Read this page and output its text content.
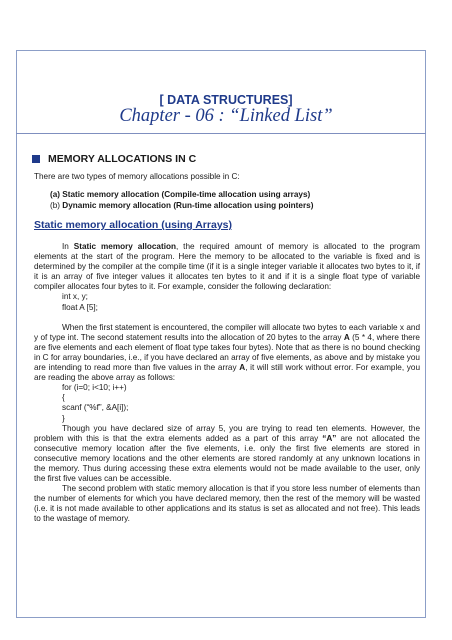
[ DATA STRUCTURES]
Chapter - 06 : “Linked List”
MEMORY ALLOCATIONS IN C

There are two types of memory allocations possible in C:

(a) Static memory allocation (Compile-time allocation using arrays)
(b) Dynamic memory allocation (Run-time allocation using pointers)
Static memory allocation (using Arrays)

In Static memory allocation, the required amount of memory is allocated to the program elements at the start of the program. Here the memory to be allocated to the variable is fixed and is determined by the compiler at the compile time (if it is a single integer variable it allocates two bytes to it, if it is an array of five integer values it allocates ten bytes to it and if it is a single float type of variable compiler allocates four bytes to it. For example, consider the following declaration:

int x, y;

float A [5];

When the first statement is encountered, the compiler will allocate two bytes to each variable x and y of type int. The second statement results into the allocation of 20 bytes to the array A (5 * 4, where there are five elements and each element of float type takes four bytes). Note that as there is no bound checking in C for array boundaries, i.e., if you have declared an array of five elements, as above and by mistake you are intending to read more than five values in the array A, it will still work without error. For example, you are reading the above array as follows:

for (i=0; i<10; i++)

{

scanf (“%f”, &A[i]);

}

Though you have declared size of array 5, you are trying to read ten elements. However, the problem with this is that the extra elements added as a part of this array “A” are not allocated the consecutive memory location after the five elements, i.e. only the first five elements are stored in consecutive memory locations and the other elements are stored randomly at any unknown locations in the memory. Thus during accessing these extra elements would not be made available to the user, only the first five values can be accessible.

The second problem with static memory allocation is that if you store less number of elements than the number of elements for which you have declared memory, then the rest of the memory will be wasted (i.e. it is not made available to other applications and its status is set as allocated and not free). This leads to the wastage of memory.
